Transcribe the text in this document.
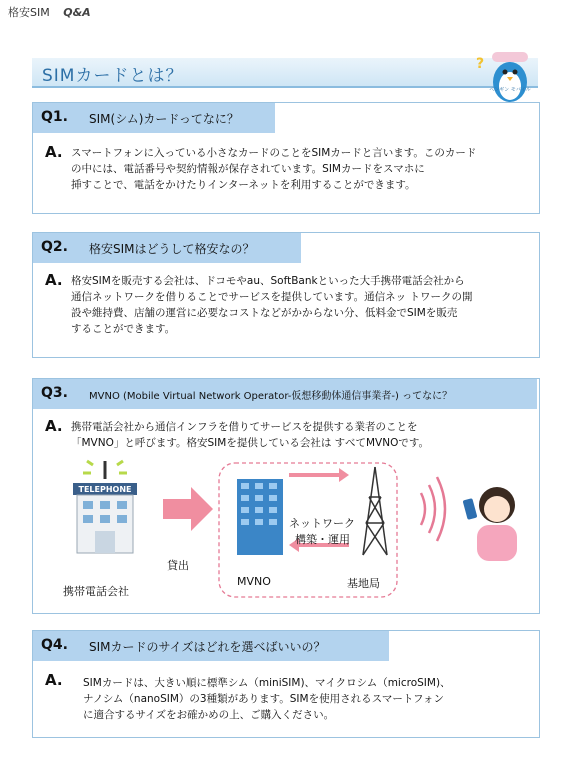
格安SIM Q&A
SIMカードとは？
?
ペンギン モバイル
Q1. SIM(シム)カードってなに？
A. スマートフォンに入っている小さなカードのことをSIMカードと言います。このカード
の中には、電話番号や契約情報が保存されています。SIMカードをスマホに
挿すことで、電話をかけたりインターネットを利用することができます。
Q2. 格安SIMはどうして格安なの？
A. 格安SIMを販売する会社は、ドコモやau、SoftBankといった大手携帯電話会社から
通信ネットワークを借りることでサービスを提供しています。通信ネッ トワークの開
設や維持費、店舗の運営に必要なコストなどがかからない分、低料金でSIMを販売
することができます。
Q3. MVNO (Mobile Virtual Network Operator-仮想移動体通信事業者-) ってなに？
A. 携帯電話会社から通信インフラを借りてサービスを提供する業者のことを
「MVNO」と呼びます。格安SIMを提供している会社は すべてMVNOです。
TELEPHONE
携帯電話会社
貸出
ネットワーク
構築・運用
MVNO	基地局
Q4. SIMカードのサイズはどれを選べばいいの？
A. SIMカードは、大きい順に標準シム（miniSIM)、マイクロシム（microSIM)、
ナノシム（nanoSIM）の3種類があります。SIMを使用されるスマートフォン
に適合するサイズをお確かめの上、ご購入ください。
